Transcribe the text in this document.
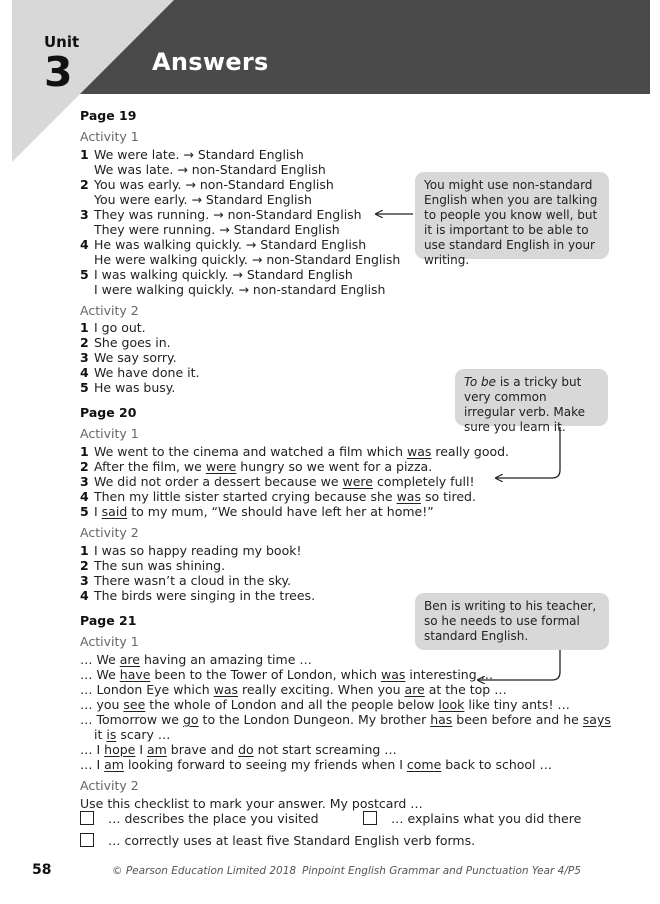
Unit
3	Answers
Page 19
Activity 1
1 We were late. → Standard English
We was late. → non-Standard English
2 You was early. → non-Standard English
You were early. → Standard English
3 They was running. → non-Standard English
They were running. → Standard English
4 He was walking quickly. → Standard English
He were walking quickly. → non-Standard English
5 I was walking quickly. → Standard English
I were walking quickly. → non-standard English
Activity 2
1 I go out.
2 She goes in.
3 We say sorry.
4 We have done it.
5 He was busy.
Page 20
Activity 1
1 We went to the cinema and watched a film which was really good.
2 After the film, we were hungry so we went for a pizza.
3 We did not order a dessert because we were completely full!
4 Then my little sister started crying because she was so tired.
5 I said to my mum, “We should have left her at home!”
Activity 2
1 I was so happy reading my book!
2 The sun was shining.
3 There wasn’t a cloud in the sky.
4 The birds were singing in the trees.
Page 21
Activity 1
… We are having an amazing time …
… We have been to the Tower of London, which was interesting …
… London Eye which was really exciting. When you are at the top …
… you see the whole of London and all the people below look like tiny ants! …
… Tomorrow we go to the London Dungeon. My brother has been before and he says
it is scary …
… I hope I am brave and do not start screaming …
… I am looking forward to seeing my friends when I come back to school …
Activity 2
Use this checklist to mark your answer. My postcard …
… describes the place you visited	… explains what you did there
… correctly uses at least five Standard English verb forms.
You might use non-standard English when you are talking to people you know well, but it is important to be able to use standard English in your writing.
To be is a tricky but very common irregular verb. Make sure you learn it.
Ben is writing to his teacher, so he needs to use formal standard English.
58	© Pearson Education Limited 2018 Pinpoint English Grammar and Punctuation Year 4/P5
